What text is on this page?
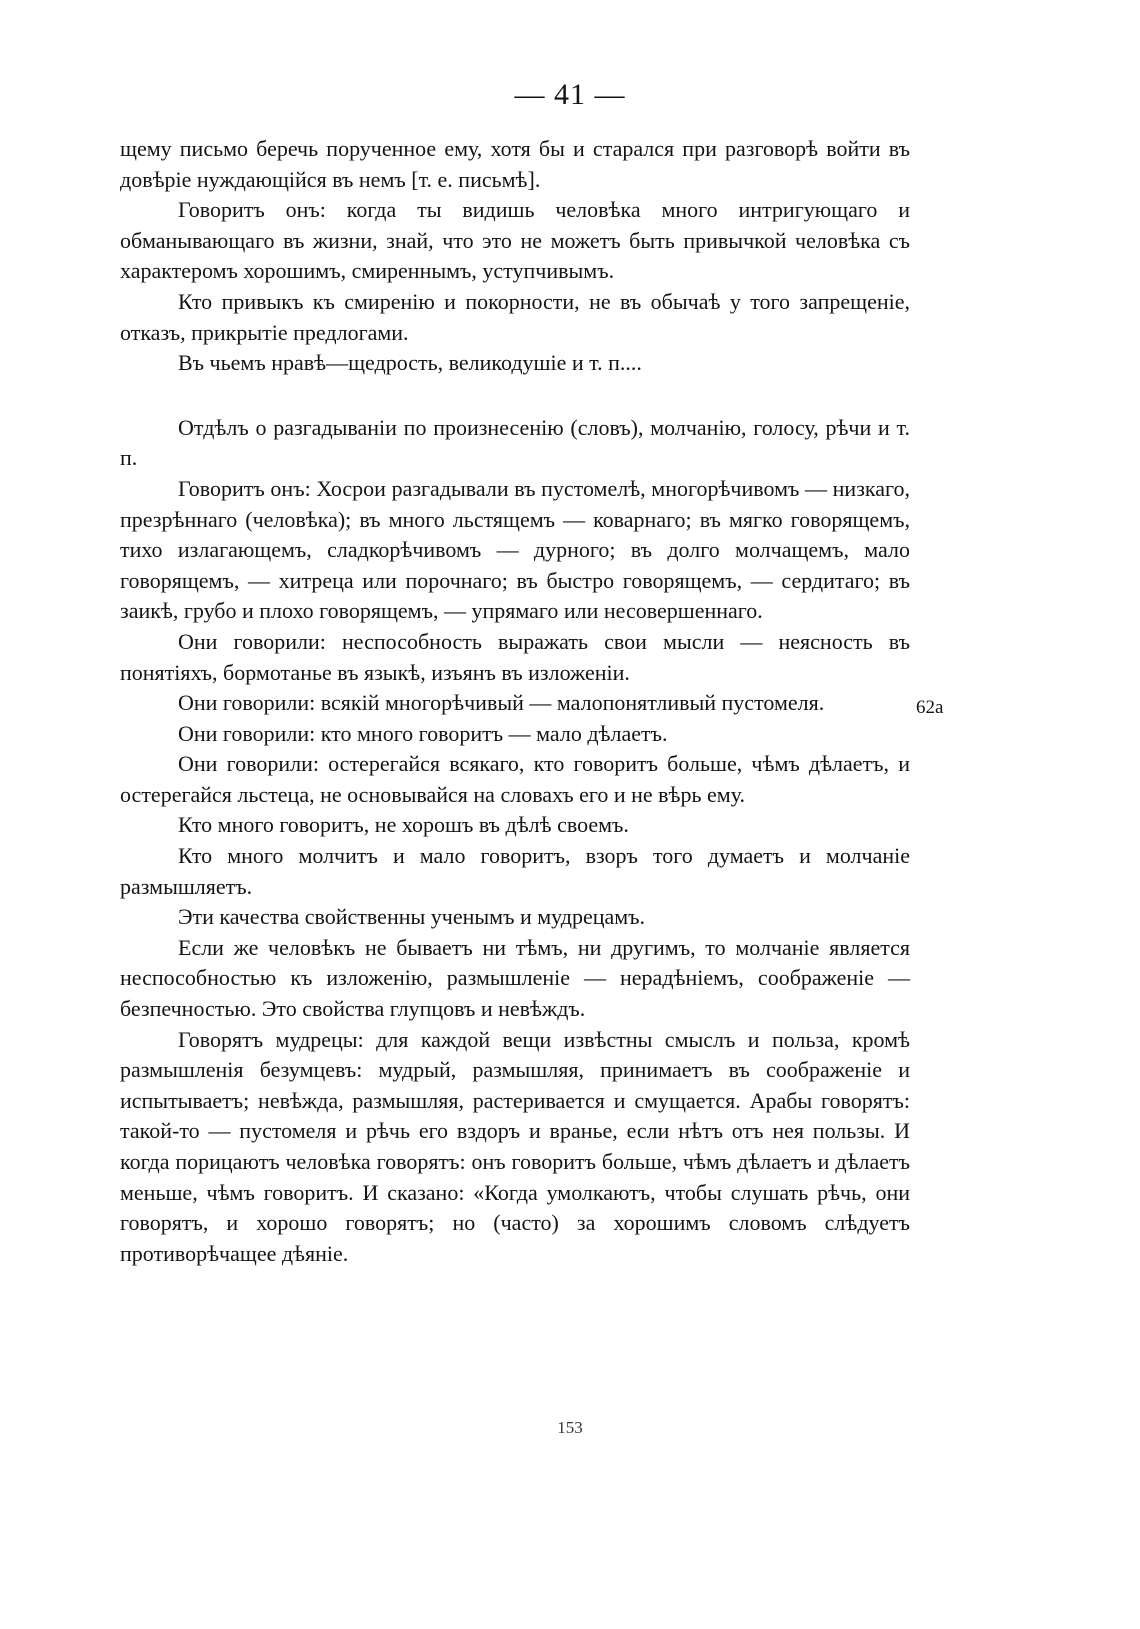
— 41 —

щему письмо беречь порученное ему, хотя бы и старался при разговорѣ войти въ довѣріе нуждающійся въ немъ [т. е. письмѣ].

Говоритъ онъ: когда ты видишь человѣка много интригующаго и обманывающаго въ жизни, знай, что это не можетъ быть привычкой человѣка съ характеромъ хорошимъ, смиреннымъ, уступчивымъ.

Кто привыкъ къ смиренію и покорности, не въ обычаѣ у того запрещеніе, отказъ, прикрытіе предлогами.

Въ чьемъ нравѣ—щедрость, великодушіе и т. п....

Отдѣлъ о разгадываніи по произнесенію (словъ), молчанію, голосу, рѣчи и т. п.

Говоритъ онъ: Хосрои разгадывали въ пустомелѣ, многорѣчивомъ — низкаго, презрѣннаго (человѣка); въ много льстящемъ — коварнаго; въ мягко говорящемъ, тихо излагающемъ, сладкорѣчивомъ — дурного; въ долго молчащемъ, мало говорящемъ, — хитреца или порочнаго; въ быстро говорящемъ, — сердитаго; въ заикѣ, грубо и плохо говорящемъ, — упрямаго или несовершеннаго.

Они говорили: неспособность выражать свои мысли — неясность въ понятіяхъ, бормотанье въ языкѣ, изъянъ въ изложеніи.

Они говорили: всякій многорѣчивый — малопонятливый пустомеля.

Они говорили: кто много говоритъ — мало дѣлаетъ.

Они говорили: остерегайся всякаго, кто говоритъ больше, чѣмъ дѣлаетъ, и остерегайся льстеца, не основывайся на словахъ его и не вѣрь ему.

Кто много говоритъ, не хорошъ въ дѣлѣ своемъ.

Кто много молчитъ и мало говоритъ, взоръ того думаетъ и молчаніе размышляетъ.

Эти качества свойственны ученымъ и мудрецамъ.

Если же человѣкъ не бываетъ ни тѣмъ, ни другимъ, то молчаніе является неспособностью къ изложенію, размышленіе — нерадѣніемъ, соображеніе — безпечностью. Это свойства глупцовъ и невѣждъ.

Говорятъ мудрецы: для каждой вещи извѣстны смыслъ и польза, кромѣ размышленія безумцевъ: мудрый, размышляя, принимаетъ въ соображеніе и испытываетъ; невѣжда, размышляя, растеривается и смущается. Арабы говорятъ: такой-то — пустомеля и рѣчь его вздоръ и вранье, если нѣтъ отъ нея пользы. И когда порицаютъ человѣка говорятъ: онъ говоритъ больше, чѣмъ дѣлаетъ и дѣлаетъ меньше, чѣмъ говоритъ. И сказано: «Когда умолкаютъ, чтобы слушать рѣчь, они говорятъ, и хорошо говорятъ; но (часто) за хорошимъ словомъ слѣдуетъ противорѣчащее дѣяніе.

62a
153
